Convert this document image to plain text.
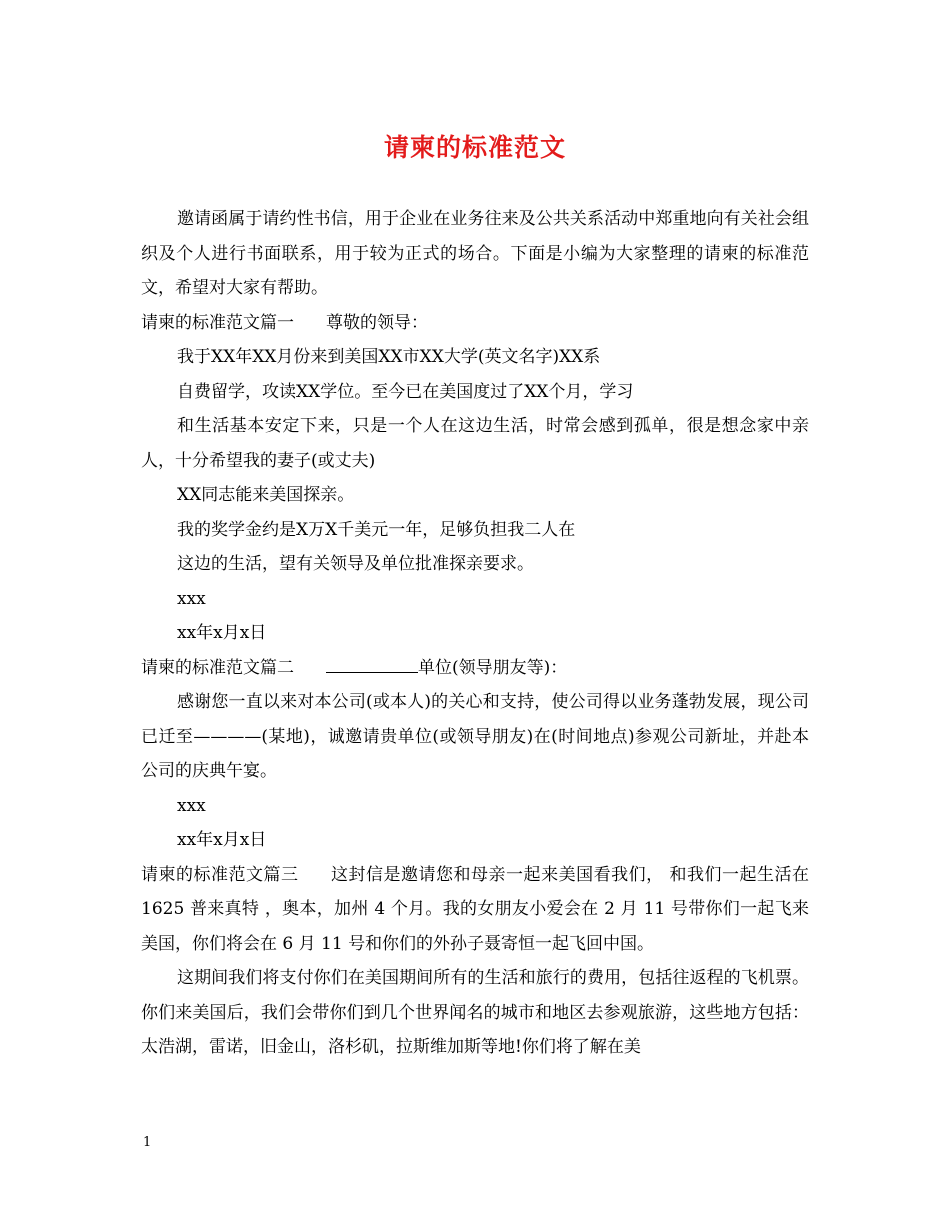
请柬的标准范文

邀请函属于请约性书信，用于企业在业务往来及公共关系活动中郑重地向有关社会组织及个人进行书面联系，用于较为正式的场合。下面是小编为大家整理的请柬的标准范文，希望对大家有帮助。

请柬的标准范文篇一 尊敬的领导：

我于XX年XX月份来到美国XX市XX大学(英文名字)XX系

自费留学，攻读XX学位。至今已在美国度过了XX个月，学习

和生活基本安定下来，只是一个人在这边生活，时常会感到孤单，很是想念家中亲人，十分希望我的妻子(或丈夫)

XX同志能来美国探亲。

我的奖学金约是X万X千美元一年，足够负担我二人在

这边的生活，望有关领导及单位批准探亲要求。

xxx

xx年x月x日

请柬的标准范文篇二	单位(领导朋友等)：

感谢您一直以来对本公司(或本人)的关心和支持，使公司得以业务蓬勃发展，现公司已迁至————(某地)，诚邀请贵单位(或领导朋友)在(时间地点)参观公司新址，并赴本公司的庆典午宴。

xxx

xx年x月x日

请柬的标准范文篇三 这封信是邀请您和母亲一起来美国看我们， 和我们一起生活在 1625 普来真特 ，奥本，加州 4 个月。我的女朋友小爱会在 2 月 11 号带你们一起飞来美国，你们将会在 6 月 11 号和你们的外孙子聂寄恒一起飞回中国。

这期间我们将支付你们在美国期间所有的生活和旅行的费用，包括往返程的飞机票。你们来美国后，我们会带你们到几个世界闻名的城市和地区去参观旅游，这些地方包括：太浩湖，雷诺，旧金山，洛杉矶，拉斯维加斯等地!你们将了解在美

1
